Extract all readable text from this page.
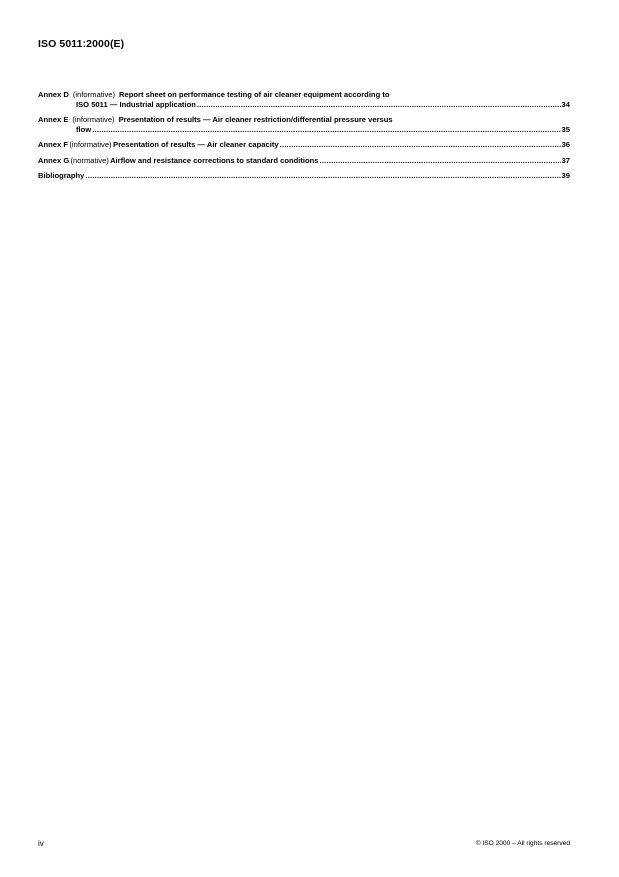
ISO 5011:2000(E)
Annex D (informative) Report sheet on performance testing of air cleaner equipment according to
ISO 5011 — Industrial application .....	34
Annex E (informative) Presentation of results — Air cleaner restriction/differential pressure versus
flow .....	35
Annex F (informative) Presentation of results — Air cleaner capacity .....	36
Annex G (normative) Airflow and resistance corrections to standard conditions .....	37
Bibliography .....	39
iv	© ISO 2000 – All rights reserved
